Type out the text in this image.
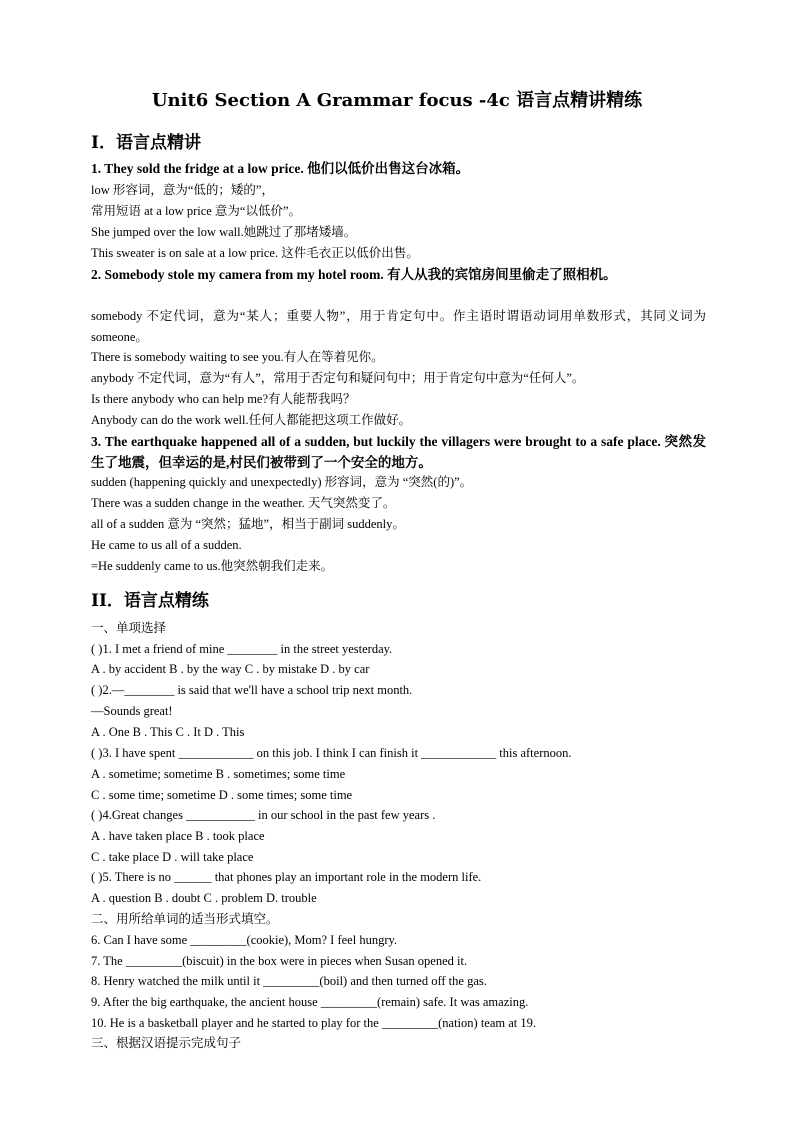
Unit6 Section A Grammar focus -4c 语言点精讲精练
I．语言点精讲
1. They sold the fridge at a low price. 他们以低价出售这台冰箱。
low 形容词，意为“低的；矮的”，
常用短语 at a low price 意为“以低价”。
She jumped over the low wall.她跳过了那堵矮墙。
This sweater is on sale at a low price. 这件毛衣正以低价出售。
2. Somebody stole my camera from my hotel room. 有人从我的宾馆房间里偷走了照相机。
somebody 不定代词，意为“某人；重要人物”，用于肯定句中。作主语时谓语动词用单数形式，其同义词为 someone。
There is somebody waiting to see you.有人在等着见你。
anybody 不定代词，意为“有人”，常用于否定句和疑问句中；用于肯定句中意为“任何人”。
Is there anybody who can help me?有人能帮我吗？
Anybody can do the work well.任何人都能把这项工作做好。
3. The earthquake happened all of a sudden, but luckily the villagers were brought to a safe place. 突然发生了地震，但幸运的是,村民们被带到了一个安全的地方。
sudden (happening quickly and unexpectedly) 形容词，意为 “突然(的)”。
There was a sudden change in the weather. 天气突然变了。
all of a sudden 意为 “突然；猛地”，相当于副词 suddenly。
He came to us all of a sudden.
=He suddenly came to us.他突然朝我们走来。
II．语言点精练
一、单项选择
( )1. I met a friend of mine ________ in the street yesterday.
A . by accident B . by the way C . by mistake D . by car
( )2.—________ is said that we'll have a school trip next month.
—Sounds great!
A . One B . This C . It D . This
( )3. I have spent ____________ on this job. I think I can finish it ____________ this afternoon.
A . sometime; sometime B . sometimes; some time
C . some time; sometime D . some times; some time
( )4.Great changes ___________ in our school in the past few years .
A . have taken place B . took place
C . take place D . will take place
( )5. There is no ______ that phones play an important role in the modern life.
A . question B . doubt C . problem D. trouble
二、用所给单词的适当形式填空。
6. Can I have some _________(cookie), Mom? I feel hungry.
7. The _________(biscuit) in the box were in pieces when Susan opened it.
8. Henry watched the milk until it _________(boil) and then turned off the gas.
9. After the big earthquake, the ancient house _________(remain) safe. It was amazing.
10. He is a basketball player and he started to play for the _________(nation) team at 19.
三、根据汉语提示完成句子
